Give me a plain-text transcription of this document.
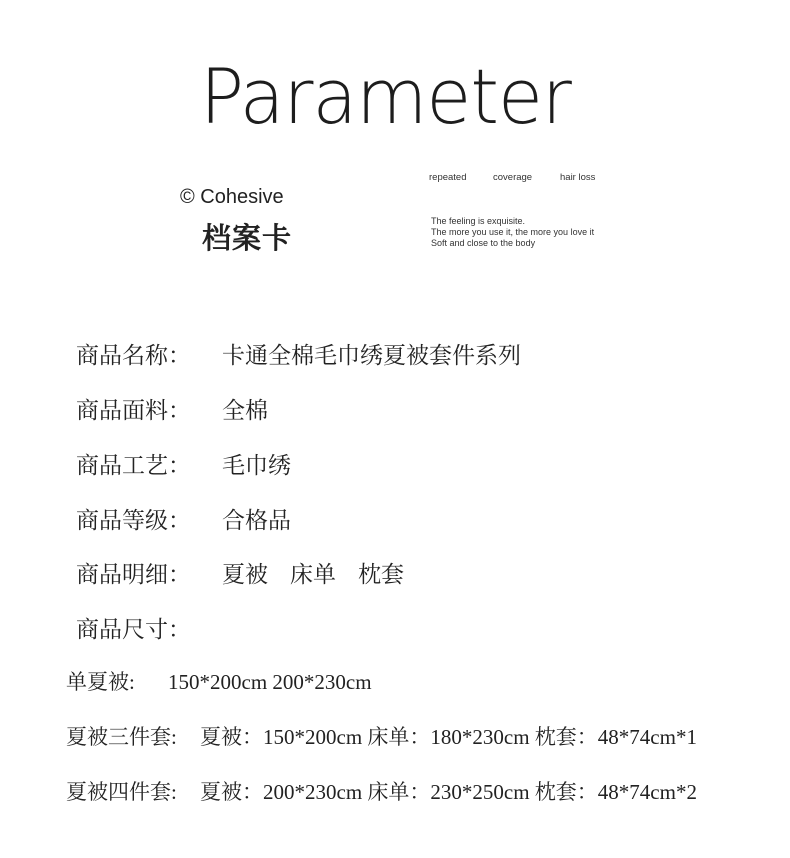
Parameter
© Cohesive
档案卡
repeated	coverage	hair loss
The feeling is exquisite.
The more you use it, the more you love it
Soft and close to the body
商品名称： 卡通全棉毛巾绣夏被套件系列
商品面料： 全棉
商品工艺： 毛巾绣
商品等级： 合格品
商品明细： 夏被 床单 枕套
商品尺寸：
单夏被: 150*200cm 200*230cm
夏被三件套: 夏被：150*200cm 床单：180*230cm 枕套：48*74cm*1
夏被四件套: 夏被：200*230cm 床单：230*250cm 枕套：48*74cm*2
